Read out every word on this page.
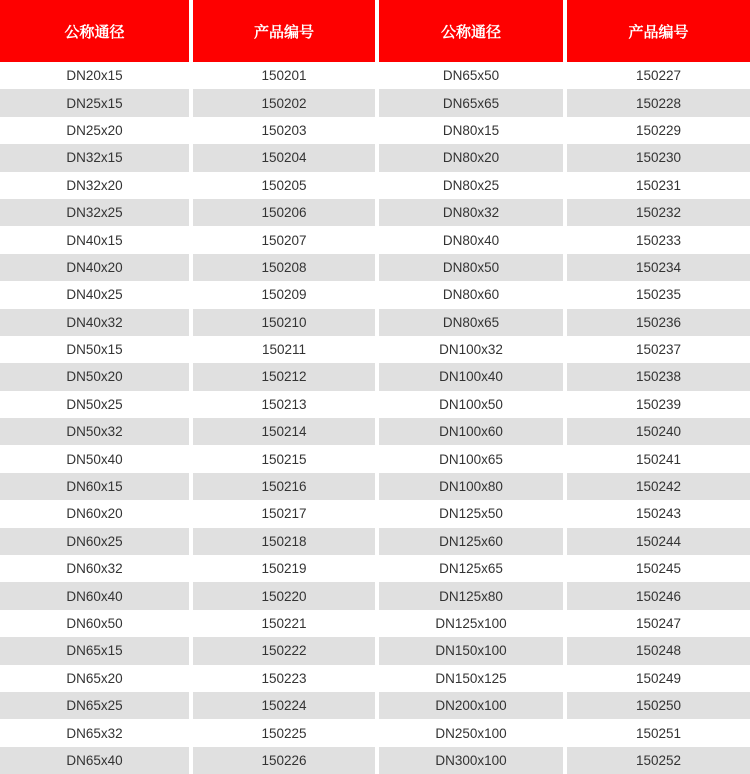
公称通径	产品编号	公称通径	产品编号
DN20x15	150201	DN65x50	150227
DN25x15	150202	DN65x65	150228
DN25x20	150203	DN80x15	150229
DN32x15	150204	DN80x20	150230
DN32x20	150205	DN80x25	150231
DN32x25	150206	DN80x32	150232
DN40x15	150207	DN80x40	150233
DN40x20	150208	DN80x50	150234
DN40x25	150209	DN80x60	150235
DN40x32	150210	DN80x65	150236
DN50x15	150211	DN100x32	150237
DN50x20	150212	DN100x40	150238
DN50x25	150213	DN100x50	150239
DN50x32	150214	DN100x60	150240
DN50x40	150215	DN100x65	150241
DN60x15	150216	DN100x80	150242
DN60x20	150217	DN125x50	150243
DN60x25	150218	DN125x60	150244
DN60x32	150219	DN125x65	150245
DN60x40	150220	DN125x80	150246
DN60x50	150221	DN125x100	150247
DN65x15	150222	DN150x100	150248
DN65x20	150223	DN150x125	150249
DN65x25	150224	DN200x100	150250
DN65x32	150225	DN250x100	150251
DN65x40	150226	DN300x100	150252
